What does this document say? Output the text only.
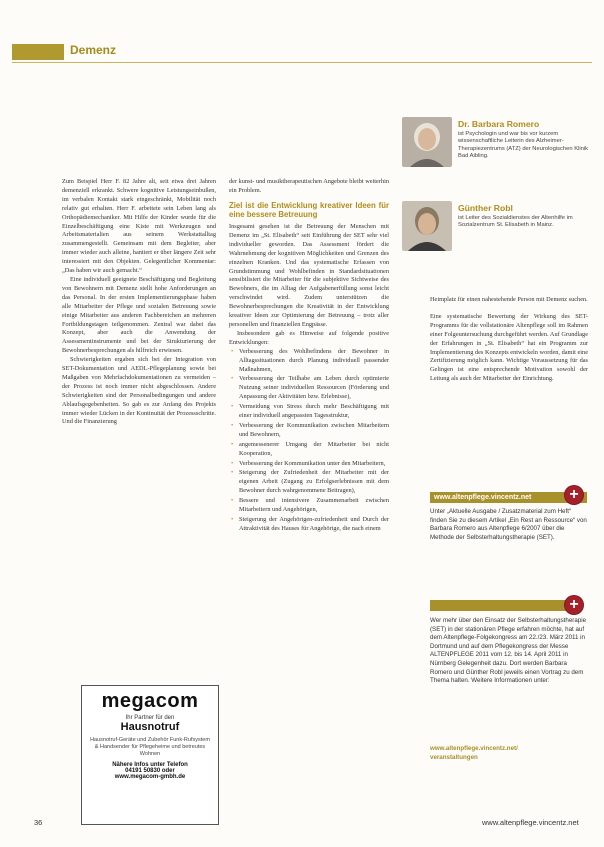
Demenz
Dr. Barbara Romero
ist Psychologin und war bis vor kurzem wissenschaftliche Leiterin des Alzheimer-Therapiezentrums (ATZ) der Neurologischen Klinik Bad Aibling.
Günther Robl
ist Leiter des Sozialdienstes der Altenhilfe im Sozialzentrum St. Elisabeth in Mainz.

Zum Beispiel Herr F. 82 Jahre alt, seit etwa drei Jahren demenziell erkrankt. Schwere kognitive Leistungseinbußen, im verbalen Kontakt stark eingeschränkt, Mobilität noch relativ gut erhalten. Herr F. arbeitete sein Leben lang als Orthopädiemechaniker. Mit Hilfe der Kinder wurde für die Einzelbeschäftigung eine Kiste mit Werkzeugen und Arbeitsmaterialien aus seinem Werkstattalltag zusammengestellt. Gemeinsam mit dem Begleiter, aber immer wieder auch alleine, hantiert er über längere Zeit sehr interessiert mit den Objekten. Gelegentlicher Kommentar: „Das haben wir auch gemacht.“

Eine individuell geeignete Beschäftigung und Begleitung von Bewohnern mit Demenz stellt hohe Anforderungen an das Personal. In der ersten Implementierungsphase haben alle Mitarbeiter der Pflege und sozialen Betreuung sowie einige Mitarbeiter aus anderen Fachbereichen an mehreren Fortbildungstagen teilgenommen. Zentral war dabei das Konzept, aber auch die Anwendung der Assessmentinstrumente und bei der Strukturierung der Bewohnerbesprechungen als hilfreich erwiesen.

Schwierigkeiten ergaben sich bei der Integration von SET-Dokumentation und AEDL-Pflegeplanung sowie bei Maßgaben von Mehrfachdokumentationen zu vermeiden – der Prozess ist noch immer nicht abgeschlossen. Andere Schwierigkeiten sind der Personalbedingungen und andere Ablaufsgegebenheiten. So gab es zur Anfang des Projekts immer wieder Lücken in der Kontinuität der Prozessschritte. Und die Finanzierung

megacom
Ihr Partner für den
Hausnotruf
Hausnotruf-Geräte und Zubehör Funk-Rufsystem & Handsender für Pflegeheime und betreutes Wohnen
Nähere Infos unter Telefon
04191 50830 oder
www.megacom-gmbh.de

der kunst- und musiktherapeutischen Angebote bleibt weiterhin ein Problem.

Ziel ist die Entwicklung kreativer Ideen für eine bessere Betreuung

Insgesamt gesehen ist die Betreuung der Menschen mit Demenz im „St. Elisabeth“ seit Einführung der SET sehr viel individueller geworden. Das Assessment fördert die Wahrnehmung der kognitiven Möglichkeiten und Grenzen des einzelnen Kranken. Und das systematische Erfassen von Grundstimmung und Wohlbefinden in Standardsituationen sensibilisiert die Mitarbeiter für die subjektive Sichtweise des Bewohners, die im Alltag der Aufgabenerfüllung sonst leicht verschwindet wird. Zudem unterstützen die Bewohnerbesprechungen die Kreativität in der Entwicklung kreativer Ideen zur Optimierung der Betreuung – trotz aller personellen und finanziellen Engpässe.

Insbesondere gab es Hinweise auf folgende positive Entwicklungen:

• Verbesserung des Wohlbefindens der Bewohner in Alltagssituationen durch Planung individuell passender Maßnahmen,
• Verbesserung der Teilhabe am Leben durch optimierte Nutzung seiner individuellen Ressourcen (Förderung und Anpassung der Aktivitäten bzw. Erlebnisse),
• Vermeidung von Stress durch mehr Beschäftigung mit einer individuell angepassten Tagesstruktur,
• Verbesserung der Kommunikation zwischen Mitarbeitern und Bewohnern,
• angemessenerer Umgang der Mitarbeiter bei nicht Kooperation,
• Verbesserung der Kommunikation unter den Mitarbeitern,
• Steigerung der Zufriedenheit der Mitarbeiter mit der eigenen Arbeit (Zugang zu Erfolgserlebnissen mit dem Bewohner durch wahrgenommene Beitragen),
• Bessere und intensivere Zusammenarbeit zwischen Mitarbeitern und Angehörigen,
• Steigerung der Angehörigen-zufriedenheit und Durch der Attraktivität des Hauses für Angehörige, die nach einem

Heimplatz für einen nahestehende Person mit Demenz suchen.

Eine systematische Bewertung der Wirkung des SET-Programms für die vollstationäre Altenpflege soll im Rahmen einer Folgeuntersuchung durchgeführt werden. Auf Grundlage der Erfahrungen in „St. Elisabeth“ hat ein Programm zur Implementierung des Konzepts entwickeln worden, damit eine Zertifizierung möglich kann. Wichtige Voraussetzung für das Gelingen ist eine entsprechende Motivation sowohl der Leitung als auch der Mitarbeiter der Einrichtung.

www.altenpflege.vincentz.net	+
Unter „Aktuelle Ausgabe / Zusatzmaterial zum Heft“ finden Sie zu diesem Artikel „Ein Rest an Ressource“ von Barbara Romero aus Altenpflege 6/2007 über die Methode der Selbsterhaltungstherapie (SET).
+
Wer mehr über den Einsatz der Selbsterhaltungstherapie (SET) in der stationären Pflege erfahren möchte, hat auf dem Altenpflege-Folgekongress am 22./23. März 2011 in Dortmund und auf dem Pflegekongress der Messe ALTENPFLEGE 2011 vom 12. bis 14. April 2011 in Nürnberg Gelegenheit dazu. Dort werden Barbara Romero und Günther Robl jeweils einen Vortrag zu dem Thema halten. Weitere Informationen unter:
www.altenpflege.vincentz.net/
veranstaltungen
36	www.altenpflege.vincentz.net
